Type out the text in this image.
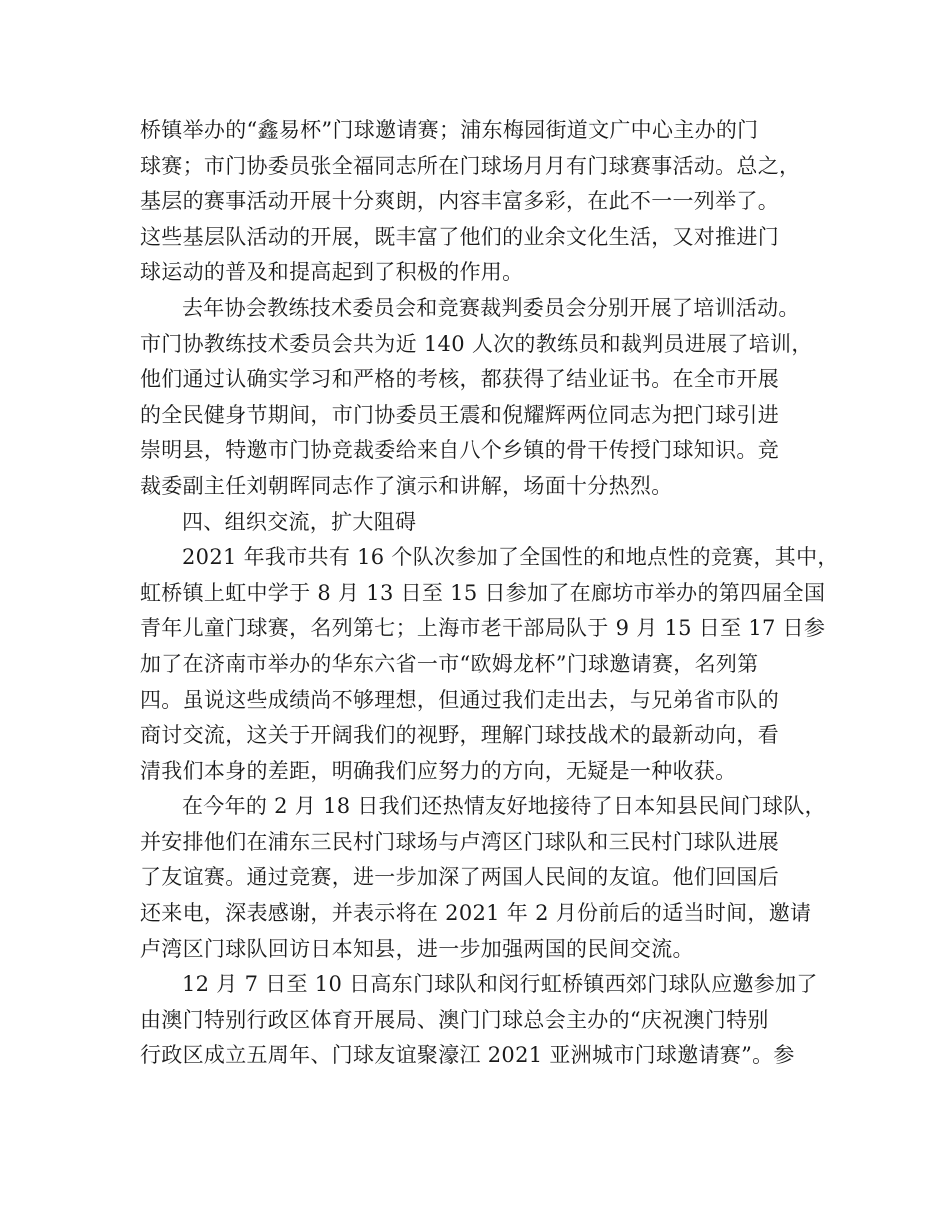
桥镇举办的“鑫易杯”门球邀请赛；浦东梅园街道文广中心主办的门
球赛；市门协委员张全福同志所在门球场月月有门球赛事活动。总之，
基层的赛事活动开展十分爽朗，内容丰富多彩，在此不一一列举了。
这些基层队活动的开展，既丰富了他们的业余文化生活，又对推进门
球运动的普及和提高起到了积极的作用。
去年协会教练技术委员会和竞赛裁判委员会分别开展了培训活动。
市门协教练技术委员会共为近 140 人次的教练员和裁判员进展了培训，
他们通过认确实学习和严格的考核，都获得了结业证书。在全市开展
的全民健身节期间，市门协委员王震和倪耀辉两位同志为把门球引进
崇明县，特邀市门协竞裁委给来自八个乡镇的骨干传授门球知识。竞
裁委副主任刘朝晖同志作了演示和讲解，场面十分热烈。
四、组织交流，扩大阻碍
2021 年我市共有 16 个队次参加了全国性的和地点性的竞赛，其中，
虹桥镇上虹中学于 8 月 13 日至 15 日参加了在廊坊市举办的第四届全国
青年儿童门球赛，名列第七；上海市老干部局队于 9 月 15 日至 17 日参
加了在济南市举办的华东六省一市“欧姆龙杯”门球邀请赛，名列第
四。虽说这些成绩尚不够理想，但通过我们走出去，与兄弟省市队的
商讨交流，这关于开阔我们的视野，理解门球技战术的最新动向，看
清我们本身的差距，明确我们应努力的方向，无疑是一种收获。
在今年的 2 月 18 日我们还热情友好地接待了日本知县民间门球队，
并安排他们在浦东三民村门球场与卢湾区门球队和三民村门球队进展
了友谊赛。通过竞赛，进一步加深了两国人民间的友谊。他们回国后
还来电，深表感谢，并表示将在 2021 年 2 月份前后的适当时间，邀请
卢湾区门球队回访日本知县，进一步加强两国的民间交流。
12 月 7 日至 10 日高东门球队和闵行虹桥镇西郊门球队应邀参加了
由澳门特别行政区体育开展局、澳门门球总会主办的“庆祝澳门特别
行政区成立五周年、门球友谊聚濠江 2021 亚洲城市门球邀请赛”。参
